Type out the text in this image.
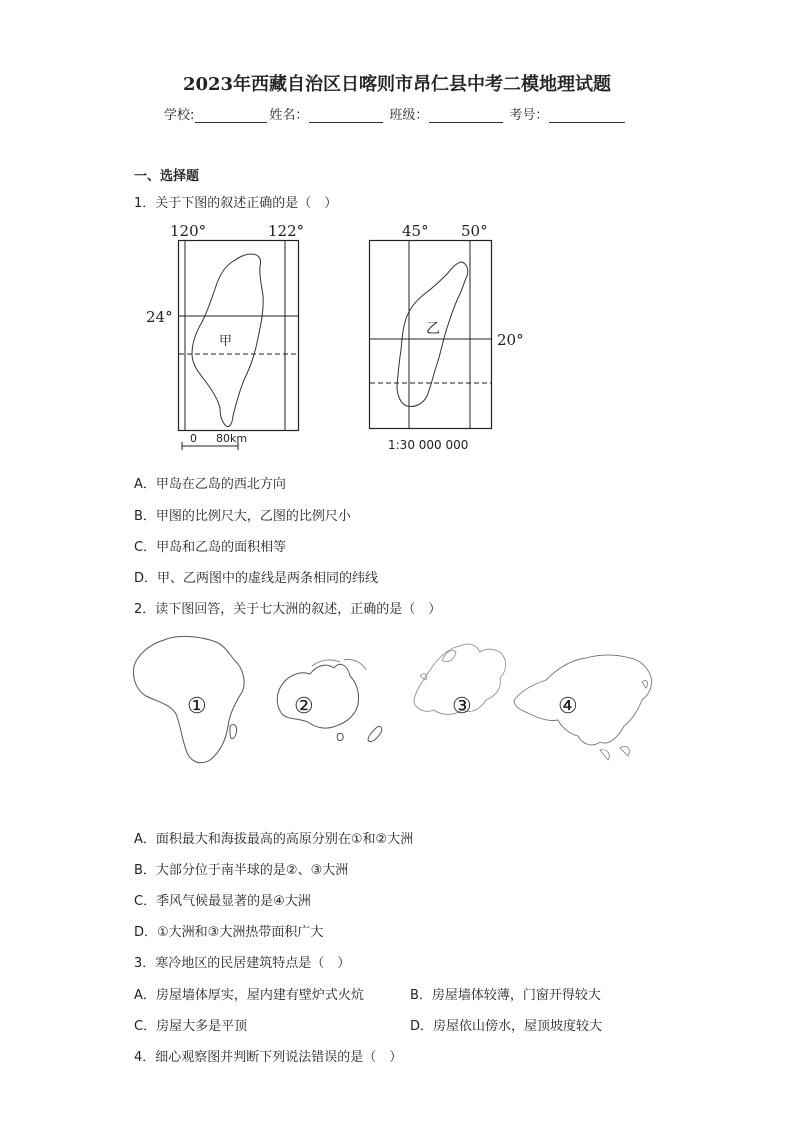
2023年西藏自治区日喀则市昂仁县中考二模地理试题
学校:	姓名：	班级：	考号：
一、选择题
1．关于下图的叙述正确的是（　）
120°	122°
24°
甲
0 80km
45° 50°
20°
乙
1:30 000 000
A．甲岛在乙岛的西北方向
B．甲图的比例尺大，乙图的比例尺小
C．甲岛和乙岛的面积相等
D．甲、乙两图中的虚线是两条相同的纬线
2．读下图回答，关于七大洲的叙述，正确的是（　）
①	②	③	④
A．面积最大和海拔最高的高原分别在①和②大洲
B．大部分位于南半球的是②、③大洲
C．季风气候最显著的是④大洲
D．①大洲和③大洲热带面积广大
3．寒冷地区的民居建筑特点是（　）
A．房屋墙体厚实，屋内建有壁炉式火炕	B．房屋墙体较薄，门窗开得较大
C．房屋大多是平顶	D．房屋依山傍水，屋顶坡度较大
4．细心观察图并判断下列说法错误的是（　）
